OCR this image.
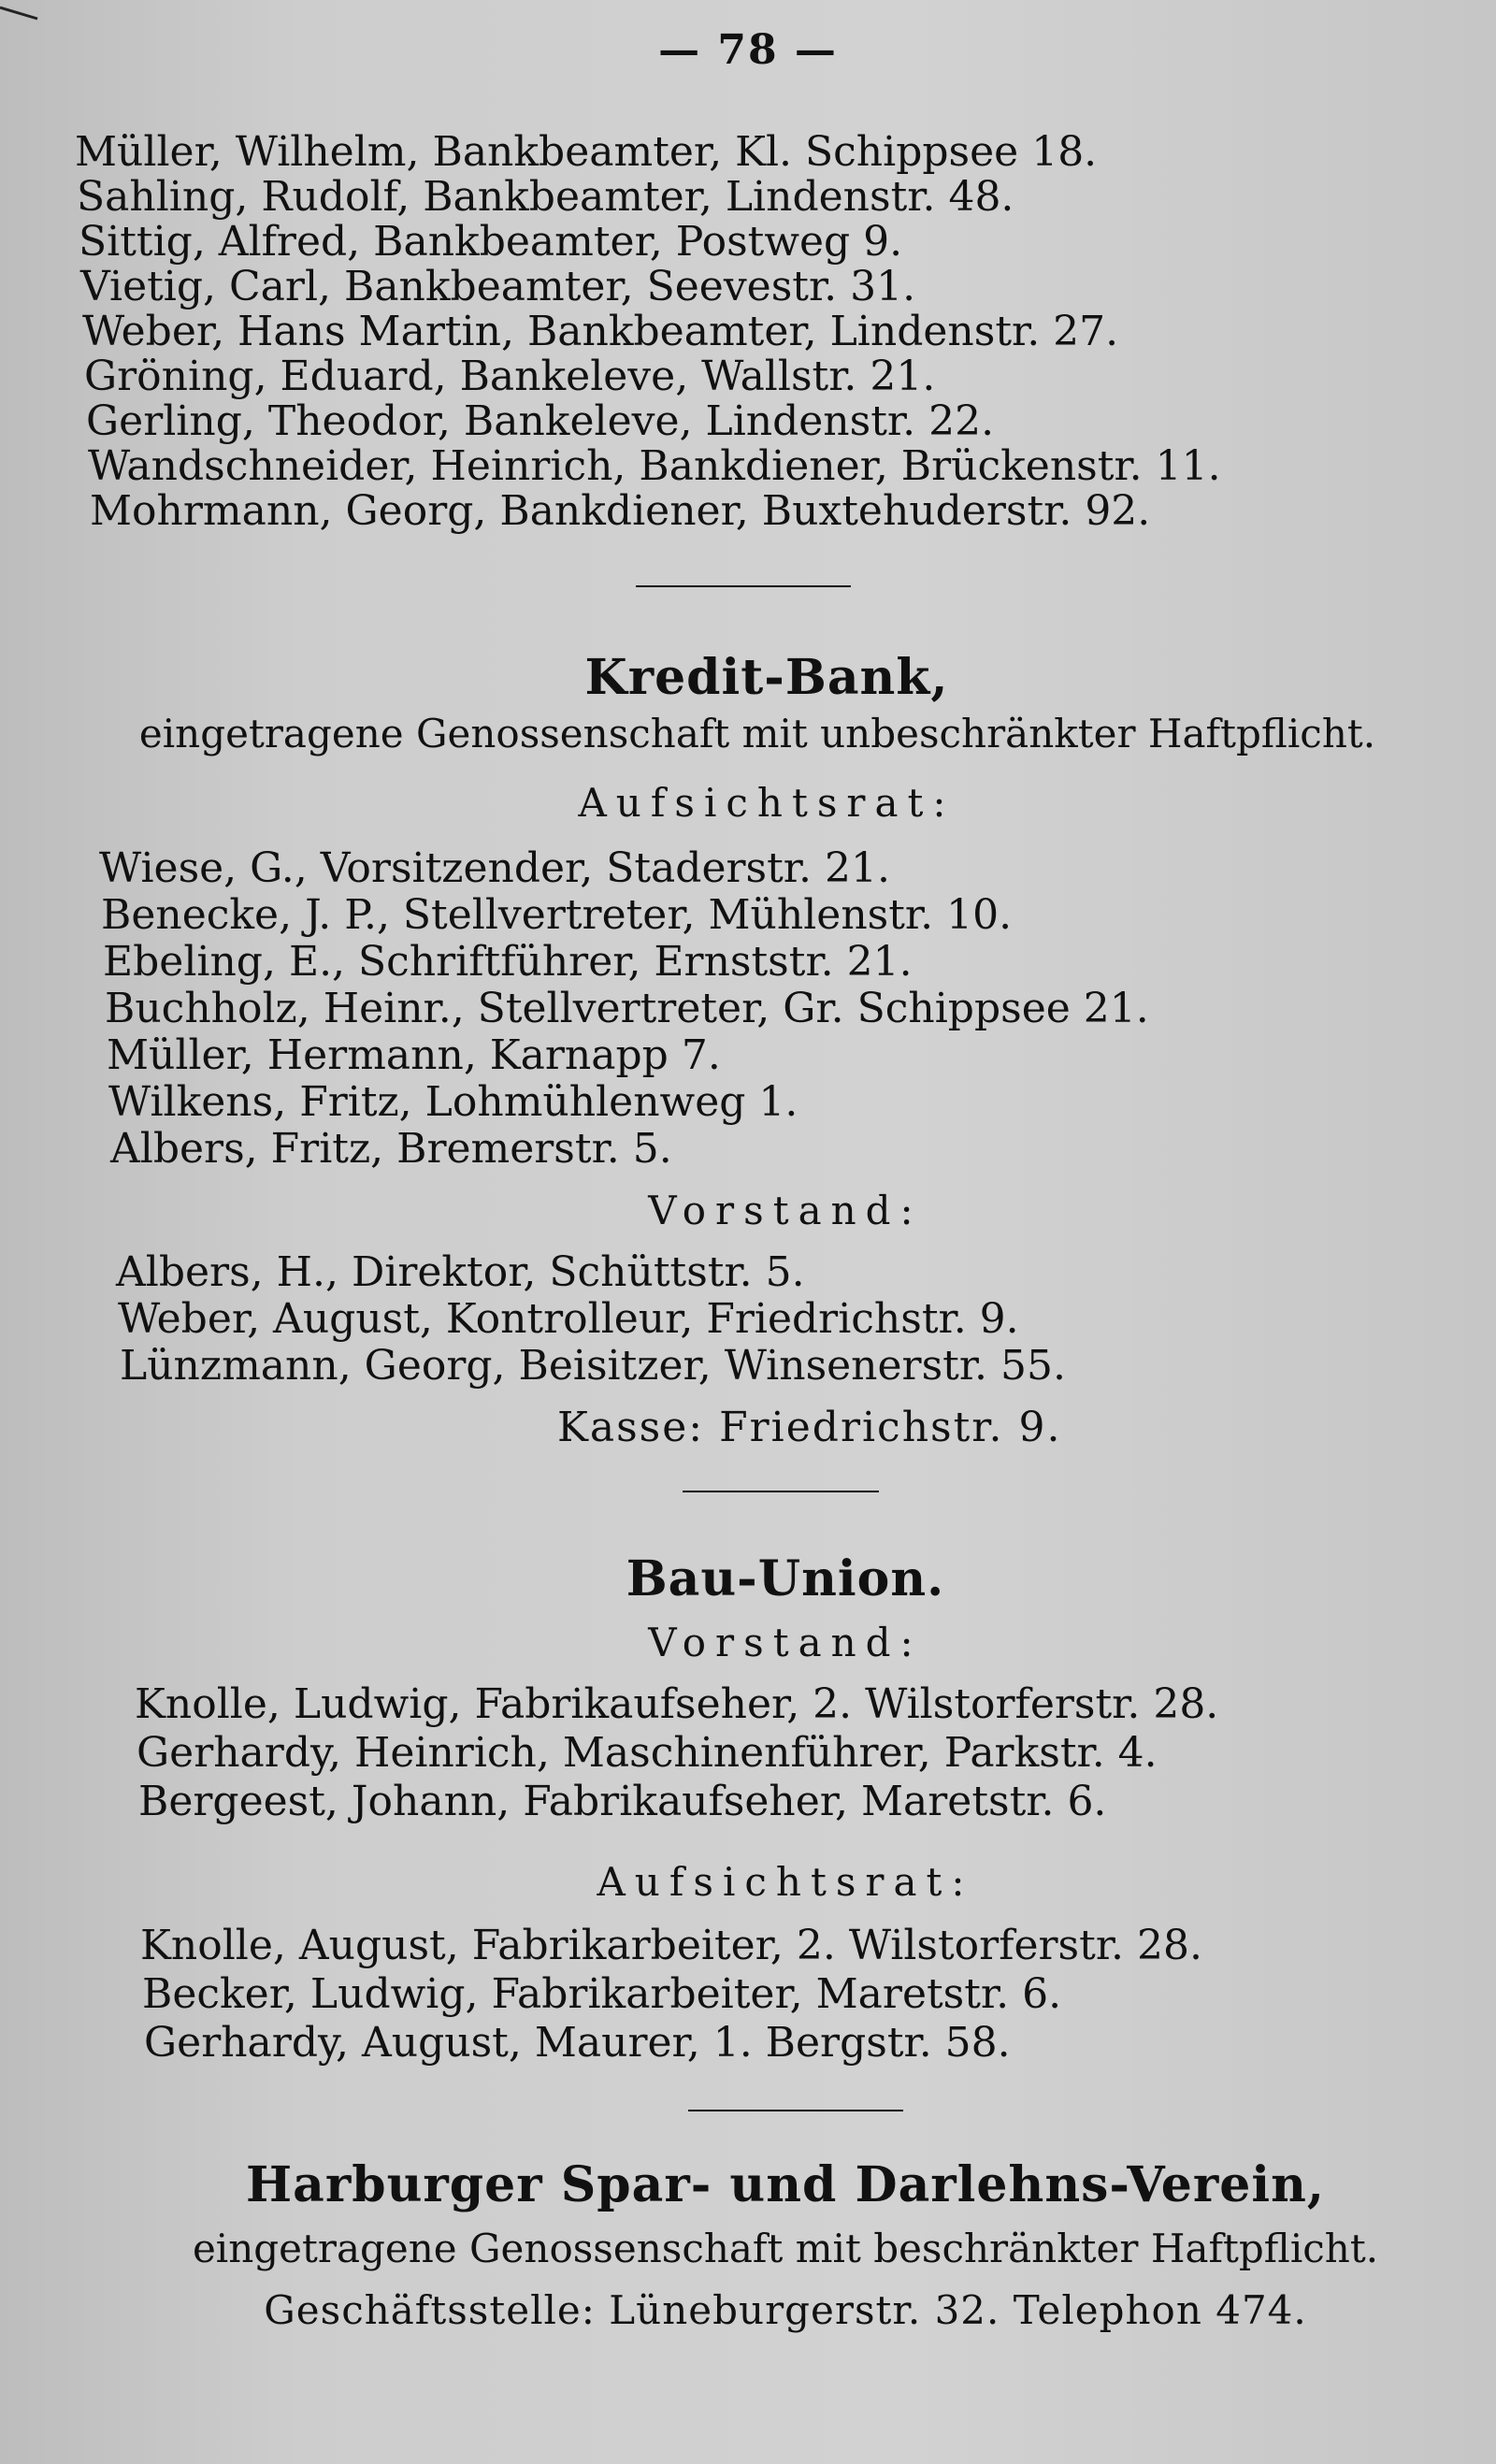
— 78 —
Müller, Wilhelm, Bankbeamter, Kl. Schippsee 18.
Sahling, Rudolf, Bankbeamter, Lindenstr. 48.
Sittig, Alfred, Bankbeamter, Postweg 9.
Vietig, Carl, Bankbeamter, Seevestr. 31.
Weber, Hans Martin, Bankbeamter, Lindenstr. 27.
Gröning, Eduard, Bankeleve, Wallstr. 21.
Gerling, Theodor, Bankeleve, Lindenstr. 22.
Wandschneider, Heinrich, Bankdiener, Brückenstr. 11.
Mohrmann, Georg, Bankdiener, Buxtehuderstr. 92.
Kredit-Bank,
eingetragene Genossenschaft mit unbeschränkter Haftpflicht.
Aufsichtsrat:
Wiese, G., Vorsitzender, Staderstr. 21.
Benecke, J. P., Stellvertreter, Mühlenstr. 10.
Ebeling, E., Schriftführer, Ernststr. 21.
Buchholz, Heinr., Stellvertreter, Gr. Schippsee 21.
Müller, Hermann, Karnapp 7.
Wilkens, Fritz, Lohmühlenweg 1.
Albers, Fritz, Bremerstr. 5.
Vorstand:
Albers, H., Direktor, Schüttstr. 5.
Weber, August, Kontrolleur, Friedrichstr. 9.
Lünzmann, Georg, Beisitzer, Winsenerstr. 55.
Kasse: Friedrichstr. 9.
Bau-Union.
Vorstand:
Knolle, Ludwig, Fabrikaufseher, 2. Wilstorferstr. 28.
Gerhardy, Heinrich, Maschinenführer, Parkstr. 4.
Bergeest, Johann, Fabrikaufseher, Maretstr. 6.
Aufsichtsrat:
Knolle, August, Fabrikarbeiter, 2. Wilstorferstr. 28.
Becker, Ludwig, Fabrikarbeiter, Maretstr. 6.
Gerhardy, August, Maurer, 1. Bergstr. 58.
Harburger Spar- und Darlehns-Verein,
eingetragene Genossenschaft mit beschränkter Haftpflicht.
Geschäftsstelle: Lüneburgerstr. 32. Telephon 474.
